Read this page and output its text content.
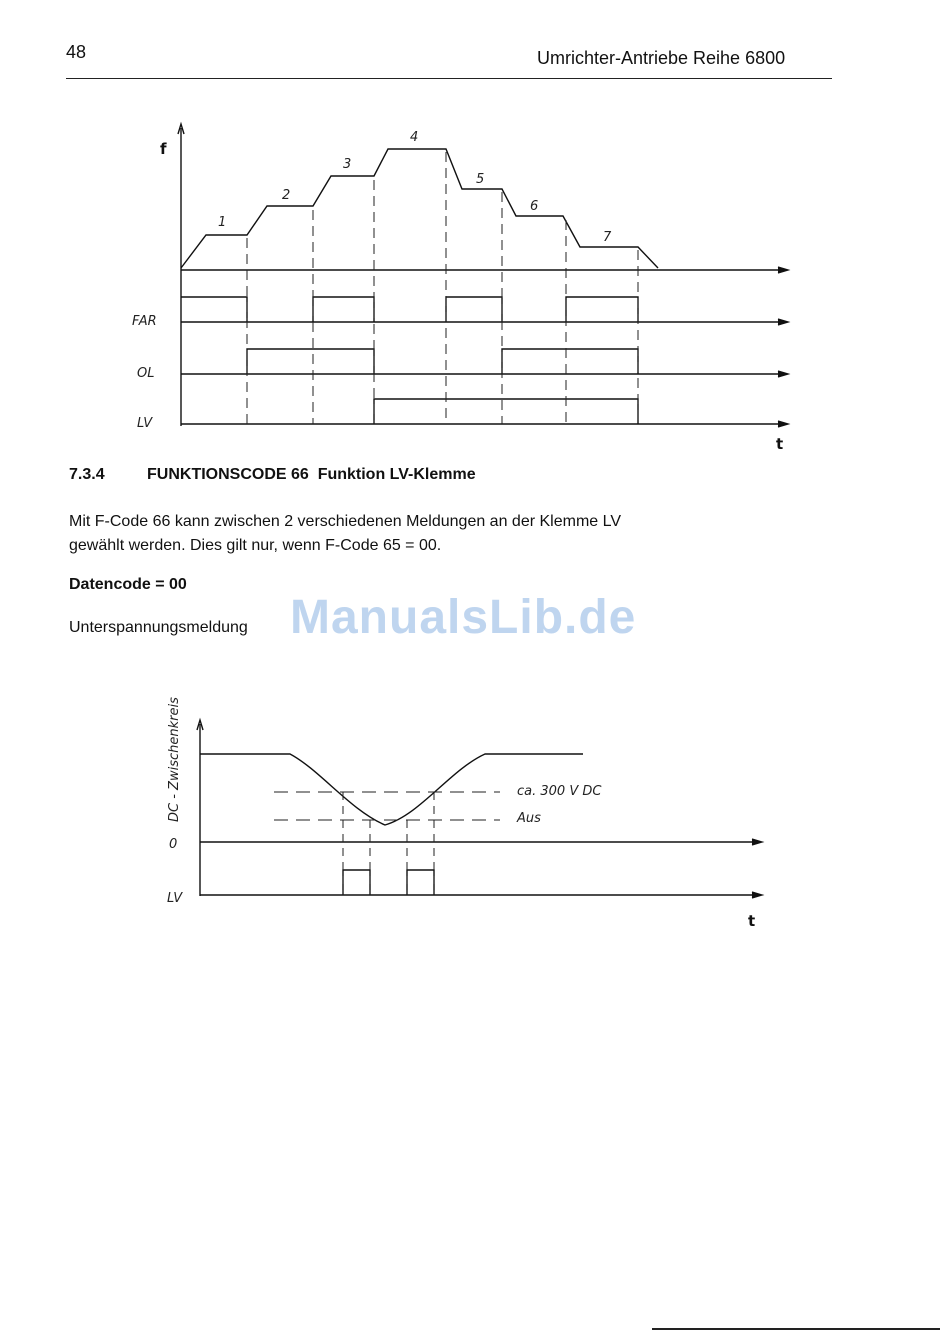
48	Umrichter-Antriebe Reihe 6800
f
t
1
2
3
4
5
6
7
FAR
OL
LV
7.3.4	FUNKTIONSCODE 66 Funktion LV-Klemme
Mit F-Code 66 kann zwischen 2 verschiedenen Meldungen an der Klemme LV
gewählt werden. Dies gilt nur, wenn F-Code 65 = 00.
Datencode = 00
ManualsLib.de
Unterspannungsmeldung
DC - Zwischenkreis	ca. 300 V DC
Aus
0
LV
t
